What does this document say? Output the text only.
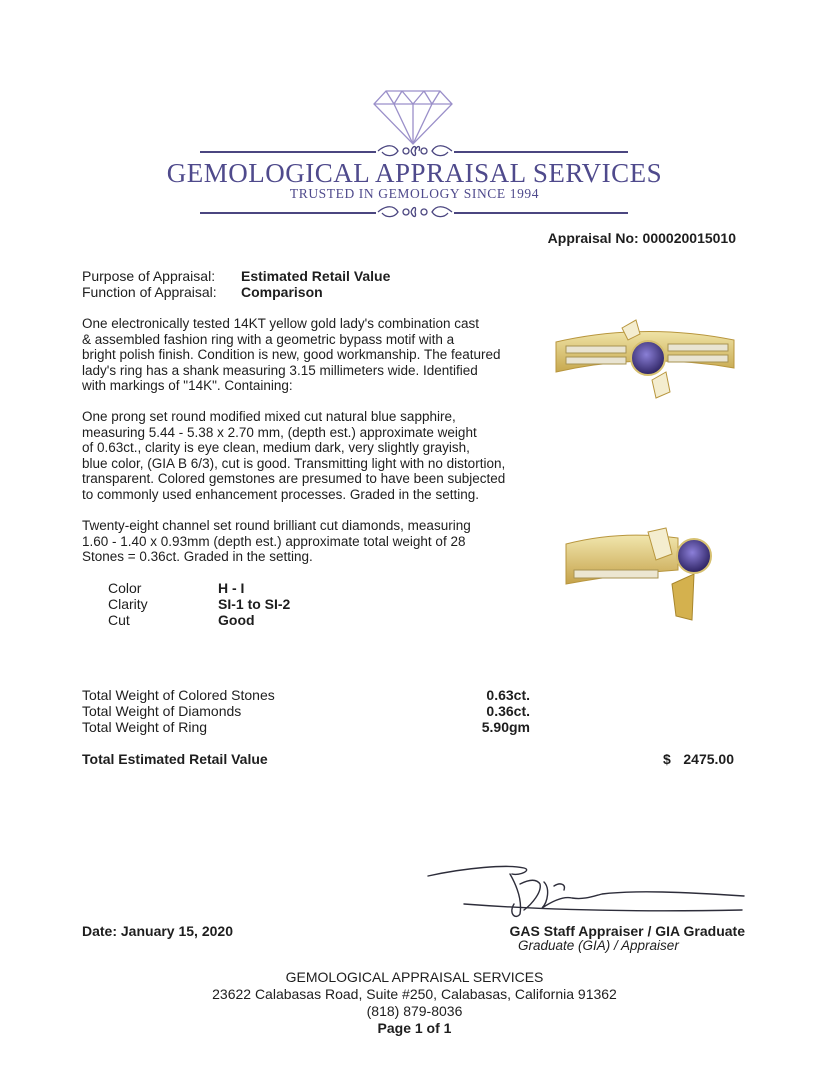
GEMOLOGICAL APPRAISAL SERVICES
TRUSTED IN GEMOLOGY SINCE 1994
Appraisal No: 000020015010
Purpose of Appraisal: Estimated Retail Value
Function of Appraisal: Comparison
One electronically tested 14KT yellow gold lady's combination cast
& assembled fashion ring with a geometric bypass motif with a
bright polish finish. Condition is new, good workmanship. The featured
lady's ring has a shank measuring 3.15 millimeters wide. Identified
with markings of "14K". Containing:
One prong set round modified mixed cut natural blue sapphire,
measuring 5.44 - 5.38 x 2.70 mm, (depth est.) approximate weight
of 0.63ct., clarity is eye clean, medium dark, very slightly grayish,
blue color, (GIA B 6/3), cut is good. Transmitting light with no distortion,
transparent. Colored gemstones are presumed to have been subjected
to commonly used enhancement processes. Graded in the setting.
Twenty-eight channel set round brilliant cut diamonds, measuring
1.60 - 1.40 x 0.93mm (depth est.) approximate total weight of 28
Stones = 0.36ct. Graded in the setting.
Color	H - I
Clarity	SI-1 to SI-2
Cut	Good
Total Weight of Colored Stones	0.63ct.
Total Weight of Diamonds	0.36ct.
Total Weight of Ring	5.90gm
Total Estimated Retail Value	$ 2475.00
Date: January 15, 2020	GAS Staff Appraiser / GIA Graduate
Graduate (GIA) / Appraiser
GEMOLOGICAL APPRAISAL SERVICES
23622 Calabasas Road, Suite #250, Calabasas, California 91362
(818) 879-8036
Page 1 of 1
